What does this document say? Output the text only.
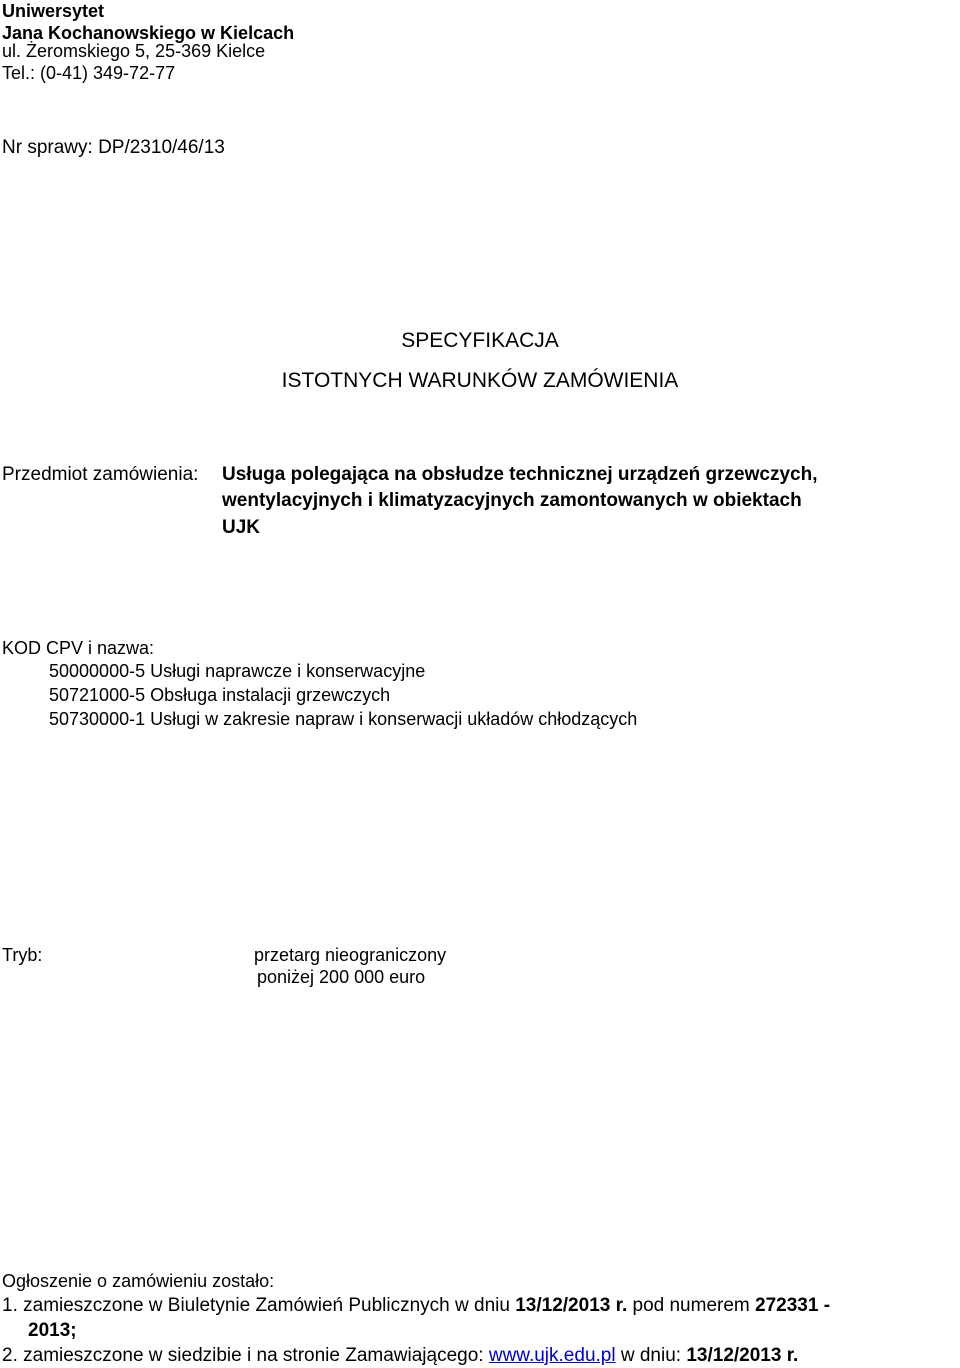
Uniwersytet
Jana Kochanowskiego w Kielcach
ul. Żeromskiego 5, 25-369 Kielce
Tel.: (0-41) 349-72-77
Nr sprawy: DP/2310/46/13
SPECYFIKACJA
ISTOTNYCH WARUNKÓW ZAMÓWIENIA
Przedmiot zamówienia: Usługa polegająca na obsłudze technicznej urządzeń grzewczych,
wentylacyjnych i klimatyzacyjnych zamontowanych w obiektach
UJK
KOD CPV i nazwa:
50000000-5 Usługi naprawcze i konserwacyjne
50721000-5 Obsługa instalacji grzewczych
50730000-1 Usługi w zakresie napraw i konserwacji układów chłodzących
Tryb:	przetarg nieograniczony
poniżej 200 000 euro
Ogłoszenie o zamówieniu zostało:
1. zamieszczone w Biuletynie Zamówień Publicznych w dniu 13/12/2013 r. pod numerem 272331 -
2013;
2. zamieszczone w siedzibie i na stronie Zamawiającego: www.ujk.edu.pl w dniu: 13/12/2013 r.
